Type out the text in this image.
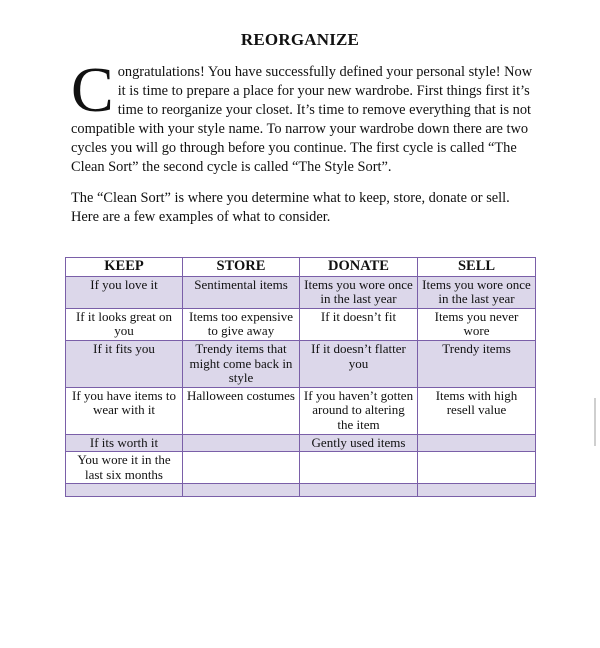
REORGANIZE

Congratulations! You have successfully defined your personal style! Now it is time to prepare a place for your new wardrobe. First things first it’s time to reorganize your closet. It’s time to remove everything that is not compatible with your style name. To narrow your wardrobe down there are two cycles you will go through before you continue. The first cycle is called “The Clean Sort” the second cycle is called “The Style Sort”.

The “Clean Sort” is where you determine what to keep, store, donate or sell. Here are a few examples of what to consider.

KEEP	STORE	DONATE	SELL
If you love it	Sentimental items	Items you wore once in the last year	Items you wore once in the last year
If it looks great on you	Items too expensive to give away	If it doesn’t fit	Items you never wore
If it fits you	Trendy items that might come back in style	If it doesn’t flatter you	Trendy items
If you have items to wear with it	Halloween costumes	If you haven’t gotten around to altering the item	Items with high resell value
If its worth it		Gently used items	
You wore it in the last six months			
